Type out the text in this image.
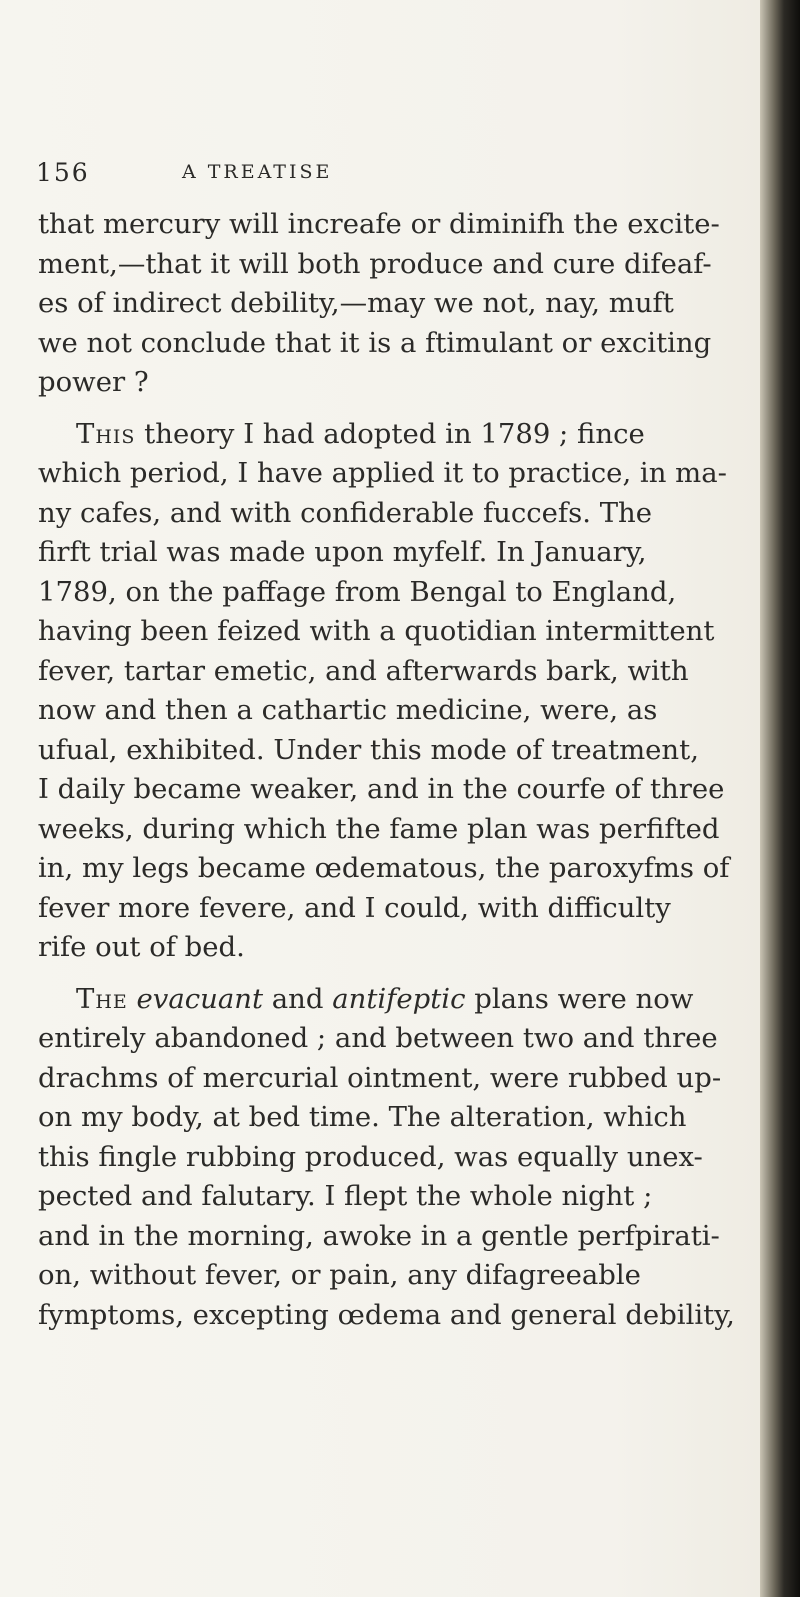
156	A TREATISE
that mercury will increafe or diminifh the excite-
ment,—that it will both produce and cure difeaf-
es of indirect debility,—may we not, nay, muft
we not conclude that it is a ftimulant or exciting
power ?
This theory I had adopted in 1789 ; fince
which period, I have applied it to practice, in ma-
ny cafes, and with confiderable fuccefs. The
firft trial was made upon myfelf. In January,
1789, on the paffage from Bengal to England,
having been feized with a quotidian intermittent
fever, tartar emetic, and afterwards bark, with
now and then a cathartic medicine, were, as
ufual, exhibited. Under this mode of treatment,
I daily became weaker, and in the courfe of three
weeks, during which the fame plan was perfifted
in, my legs became œdematous, the paroxyfms of
fever more fevere, and I could, with difficulty
rife out of bed.
The evacuant and antifeptic plans were now
entirely abandoned ; and between two and three
drachms of mercurial ointment, were rubbed up-
on my body, at bed time. The alteration, which
this fingle rubbing produced, was equally unex-
pected and falutary. I flept the whole night ;
and in the morning, awoke in a gentle perfpirati-
on, without fever, or pain, any difagreeable
fymptoms, excepting œdema and general debility,
